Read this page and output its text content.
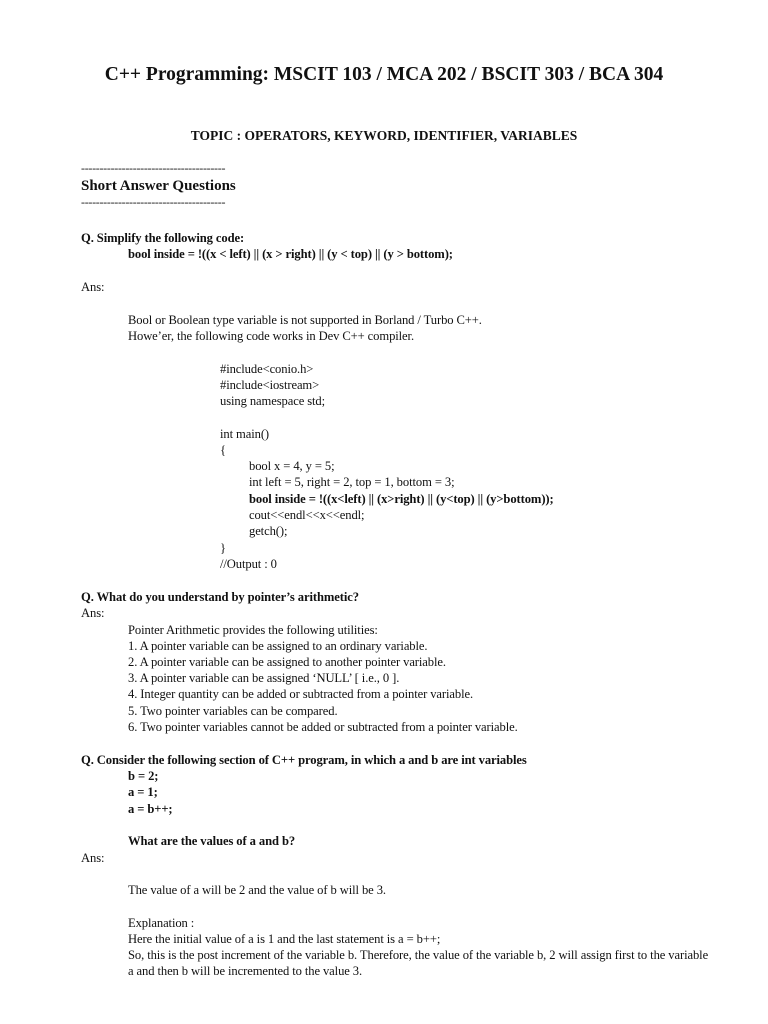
C++ Programming: MSCIT 103 / MCA 202 / BSCIT 303 / BCA 304
TOPIC : OPERATORS, KEYWORD, IDENTIFIER, VARIABLES
---------------------------------------
Short Answer Questions
---------------------------------------
Q. Simplify the following code:
bool inside = !((x < left) || (x > right) || (y < top) || (y > bottom);
Ans:
Bool or Boolean type variable is not supported in Borland / Turbo C++.
Howe’er, the following code works in Dev C++ compiler.
#include<conio.h>
#include<iostream>
using namespace std;
int main()
{
bool x = 4, y = 5;
int left = 5, right = 2, top = 1, bottom = 3;
bool inside = !((x<left) || (x>right) || (y<top) || (y>bottom));
cout<<endl<<x<<endl;
getch();
}
//Output : 0
Q. What do you understand by pointer’s arithmetic?
Ans:
Pointer Arithmetic provides the following utilities:
1. A pointer variable can be assigned to an ordinary variable.
2. A pointer variable can be assigned to another pointer variable.
3. A pointer variable can be assigned ‘NULL’ [ i.e., 0 ].
4. Integer quantity can be added or subtracted from a pointer variable.
5. Two pointer variables can be compared.
6. Two pointer variables cannot be added or subtracted from a pointer variable.
Q. Consider the following section of C++ program, in which a and b are int variables
b = 2;
a = 1;
a = b++;
What are the values of a and b?
Ans:
The value of a will be 2 and the value of b will be 3.
Explanation :
Here the initial value of a is 1 and the last statement is a = b++;
So, this is the post increment of the variable b. Therefore, the value of the variable b, 2 will assign first to the variable a and then b will be incremented to the value 3.
